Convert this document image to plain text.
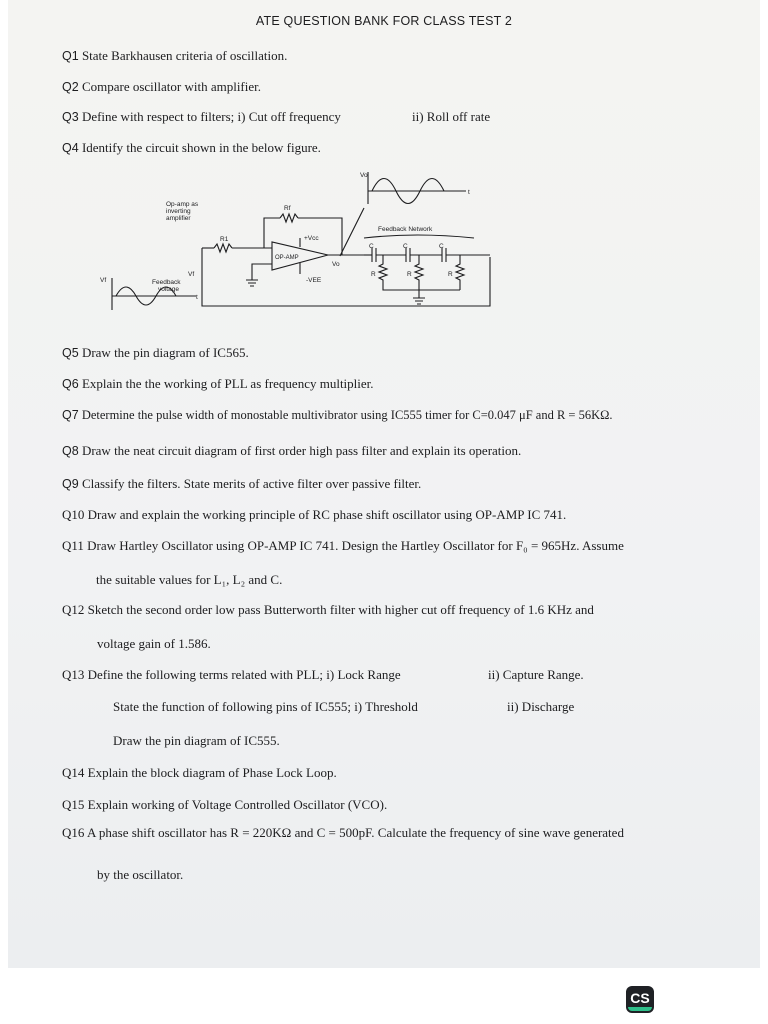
ATE QUESTION BANK FOR CLASS TEST 2
Q1 State Barkhausen criteria of oscillation.
Q2 Compare oscillator with amplifier.
Q3 Define with respect to filters; i) Cut off frequency	ii) Roll off rate
Q4 Identify the circuit shown in the below figure.
Op-amp as
inverting
amplifier
Rf
R1	+Vcc
-VEE
OP-AMP
Feedback Network
Vo
Vo
t
Vf
Vf
t
Feedback
voltage
C	C	C
R	R	R
Q5 Draw the pin diagram of IC565.
Q6 Explain the the working of PLL as frequency multiplier.
Q7 Determine the pulse width of monostable multivibrator using IC555 timer for C=0.047 μF and R = 56KΩ.
Q8 Draw the neat circuit diagram of first order high pass filter and explain its operation.
Q9 Classify the filters. State merits of active filter over passive filter.
Q10 Draw and explain the working principle of RC phase shift oscillator using OP-AMP IC 741.
Q11 Draw Hartley Oscillator using OP-AMP IC 741. Design the Hartley Oscillator for F₀ = 965Hz. Assume
the suitable values for L₁, L₂ and C.
Q12 Sketch the second order low pass Butterworth filter with higher cut off frequency of 1.6 KHz and
voltage gain of 1.586.
Q13 Define the following terms related with PLL; i) Lock Range	ii) Capture Range.
State the function of following pins of IC555; i) Threshold	ii) Discharge
Draw the pin diagram of IC555.
Q14 Explain the block diagram of Phase Lock Loop.
Q15 Explain working of Voltage Controlled Oscillator (VCO).
Q16 A phase shift oscillator has R = 220KΩ and C = 500pF. Calculate the frequency of sine wave generated
by the oscillator.
CS
